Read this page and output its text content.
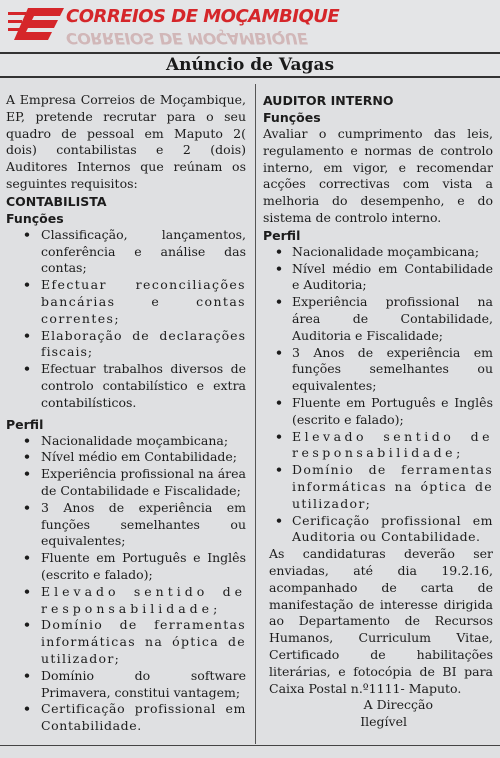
CORREIOS DE MOÇAMBIQUE
CORREIOS DE MOÇAMBIQUE
Anúncio de Vagas

A Empresa Correios de Moçambique, EP, pretende recrutar para o seu quadro de pessoal em Maputo 2( dois) contabilistas e 2 (dois) Auditores Internos que reúnam os seguintes requisitos:

CONTABILISTA
Funções
• Classificação, lançamentos, conferência e análise das contas;
• Efectuar reconciliações bancárias e contas correntes;
• Elaboração de declarações fiscais;
• Efectuar trabalhos diversos de controlo contabilístico e extra contabilísticos.
Perfil
• Nacionalidade moçambicana;
• Nível médio em Contabilidade;
• Experiência profissional na área de Contabilidade e Fiscalidade;
• 3 Anos de experiência em funções semelhantes ou equivalentes;
• Fluente em Português e Inglês (escrito e falado);
• Elevado sentido de responsabilidade;
• Domínio de ferramentas informáticas na óptica de utilizador;
• Domínio do software Primavera, constitui vantagem;
• Certificação profissional em Contabilidade.
AUDITOR INTERNO
Funções

Avaliar o cumprimento das leis, regulamento e normas de controlo interno, em vigor, e recomendar acções correctivas com vista a melhoria do desempenho, e do sistema de controlo interno.

Perfil
• Nacionalidade moçambicana;
• Nível médio em Contabilidade e Auditoria;
• Experiência profissional na área de Contabilidade, Auditoria e Fiscalidade;
• 3 Anos de experiência em funções semelhantes ou equivalentes;
• Fluente em Português e Inglês (escrito e falado);
• Elevado sentido de responsabilidade;
• Domínio de ferramentas informáticas na óptica de utilizador;
• Cerificação profissional em Auditoria ou Contabilidade.

As candidaturas deverão ser enviadas, até dia 19.2.16, acompanhado de carta de manifestação de interesse dirigida ao Departamento de Recursos Humanos, Curriculum Vitae, Certificado de habilitações literárias, e fotocópia de BI para Caixa Postal n.º1111- Maputo.

A Direcção
Ilegível
